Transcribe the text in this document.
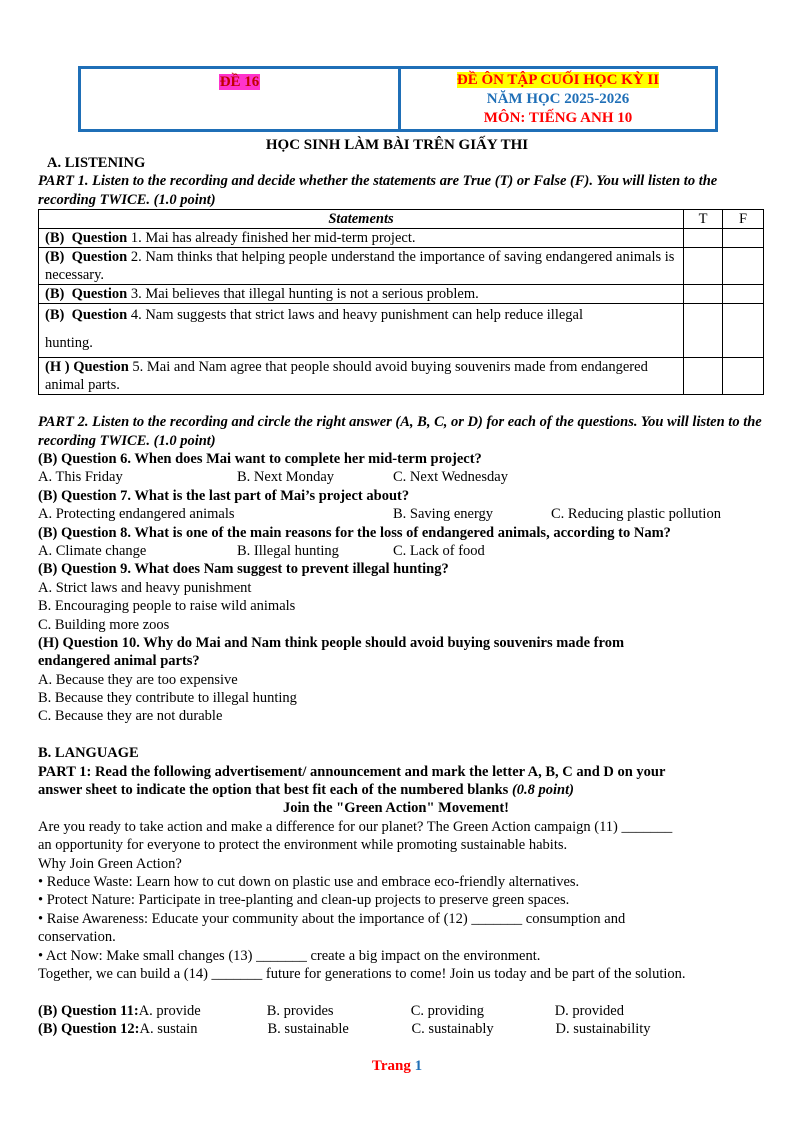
ĐỀ 16	ĐỀ ÔN TẬP CUỐI HỌC KỲ II
NĂM HỌC 2025-2026
MÔN: TIẾNG ANH 10
HỌC SINH LÀM BÀI TRÊN GIẤY THI
A. LISTENING
PART 1. Listen to the recording and decide whether the statements are True (T) or False (F). You will listen to the recording TWICE. (1.0 point)
Statements	T	F
(B) Question 1. Mai has already finished her mid-term project.		
(B) Question 2. Nam thinks that helping people understand the importance of saving endangered animals is necessary.		
(B) Question 3. Mai believes that illegal hunting is not a serious problem.		
(B) Question 4. Nam suggests that strict laws and heavy punishment can help reduce illegal
hunting.		

(H ) Question 5. Mai and Nam agree that people should avoid buying souvenirs made from endangered animal parts.		
PART 2. Listen to the recording and circle the right answer (A, B, C, or D) for each of the questions. You will listen to the recording TWICE. (1.0 point)
(B) Question 6. When does Mai want to complete her mid-term project?
A. This Friday	B. Next Monday	C. Next Wednesday
(B) Question 7. What is the last part of Mai’s project about?
A. Protecting endangered animals	B. Saving energy	C. Reducing plastic pollution
(B) Question 8. What is one of the main reasons for the loss of endangered animals, according to Nam?
A. Climate change	B. Illegal hunting	C. Lack of food
(B) Question 9. What does Nam suggest to prevent illegal hunting?
A. Strict laws and heavy punishment
B. Encouraging people to raise wild animals
C. Building more zoos
(H) Question 10. Why do Mai and Nam think people should avoid buying souvenirs made from
endangered animal parts?
A. Because they are too expensive
B. Because they contribute to illegal hunting
C. Because they are not durable
B. LANGUAGE
PART 1: Read the following advertisement/ announcement and mark the letter A, B, C and D on your
answer sheet to indicate the option that best fit each of the numbered blanks (0.8 point)
Join the "Green Action" Movement!
Are you ready to take action and make a difference for our planet? The Green Action campaign (11) _______
an opportunity for everyone to protect the environment while promoting sustainable habits.
Why Join Green Action?
• Reduce Waste: Learn how to cut down on plastic use and embrace eco-friendly alternatives.
• Protect Nature: Participate in tree-planting and clean-up projects to preserve green spaces.
• Raise Awareness: Educate your community about the importance of (12) _______ consumption and
conservation.
• Act Now: Make small changes (13) _______ create a big impact on the environment.
Together, we can build a (14) _______ future for generations to come! Join us today and be part of the solution.
(B) Question 11: A. provide	B. provides	C. providing	D. provided
(B) Question 12: A. sustain	B. sustainable	C. sustainably	D. sustainability
Trang 1
